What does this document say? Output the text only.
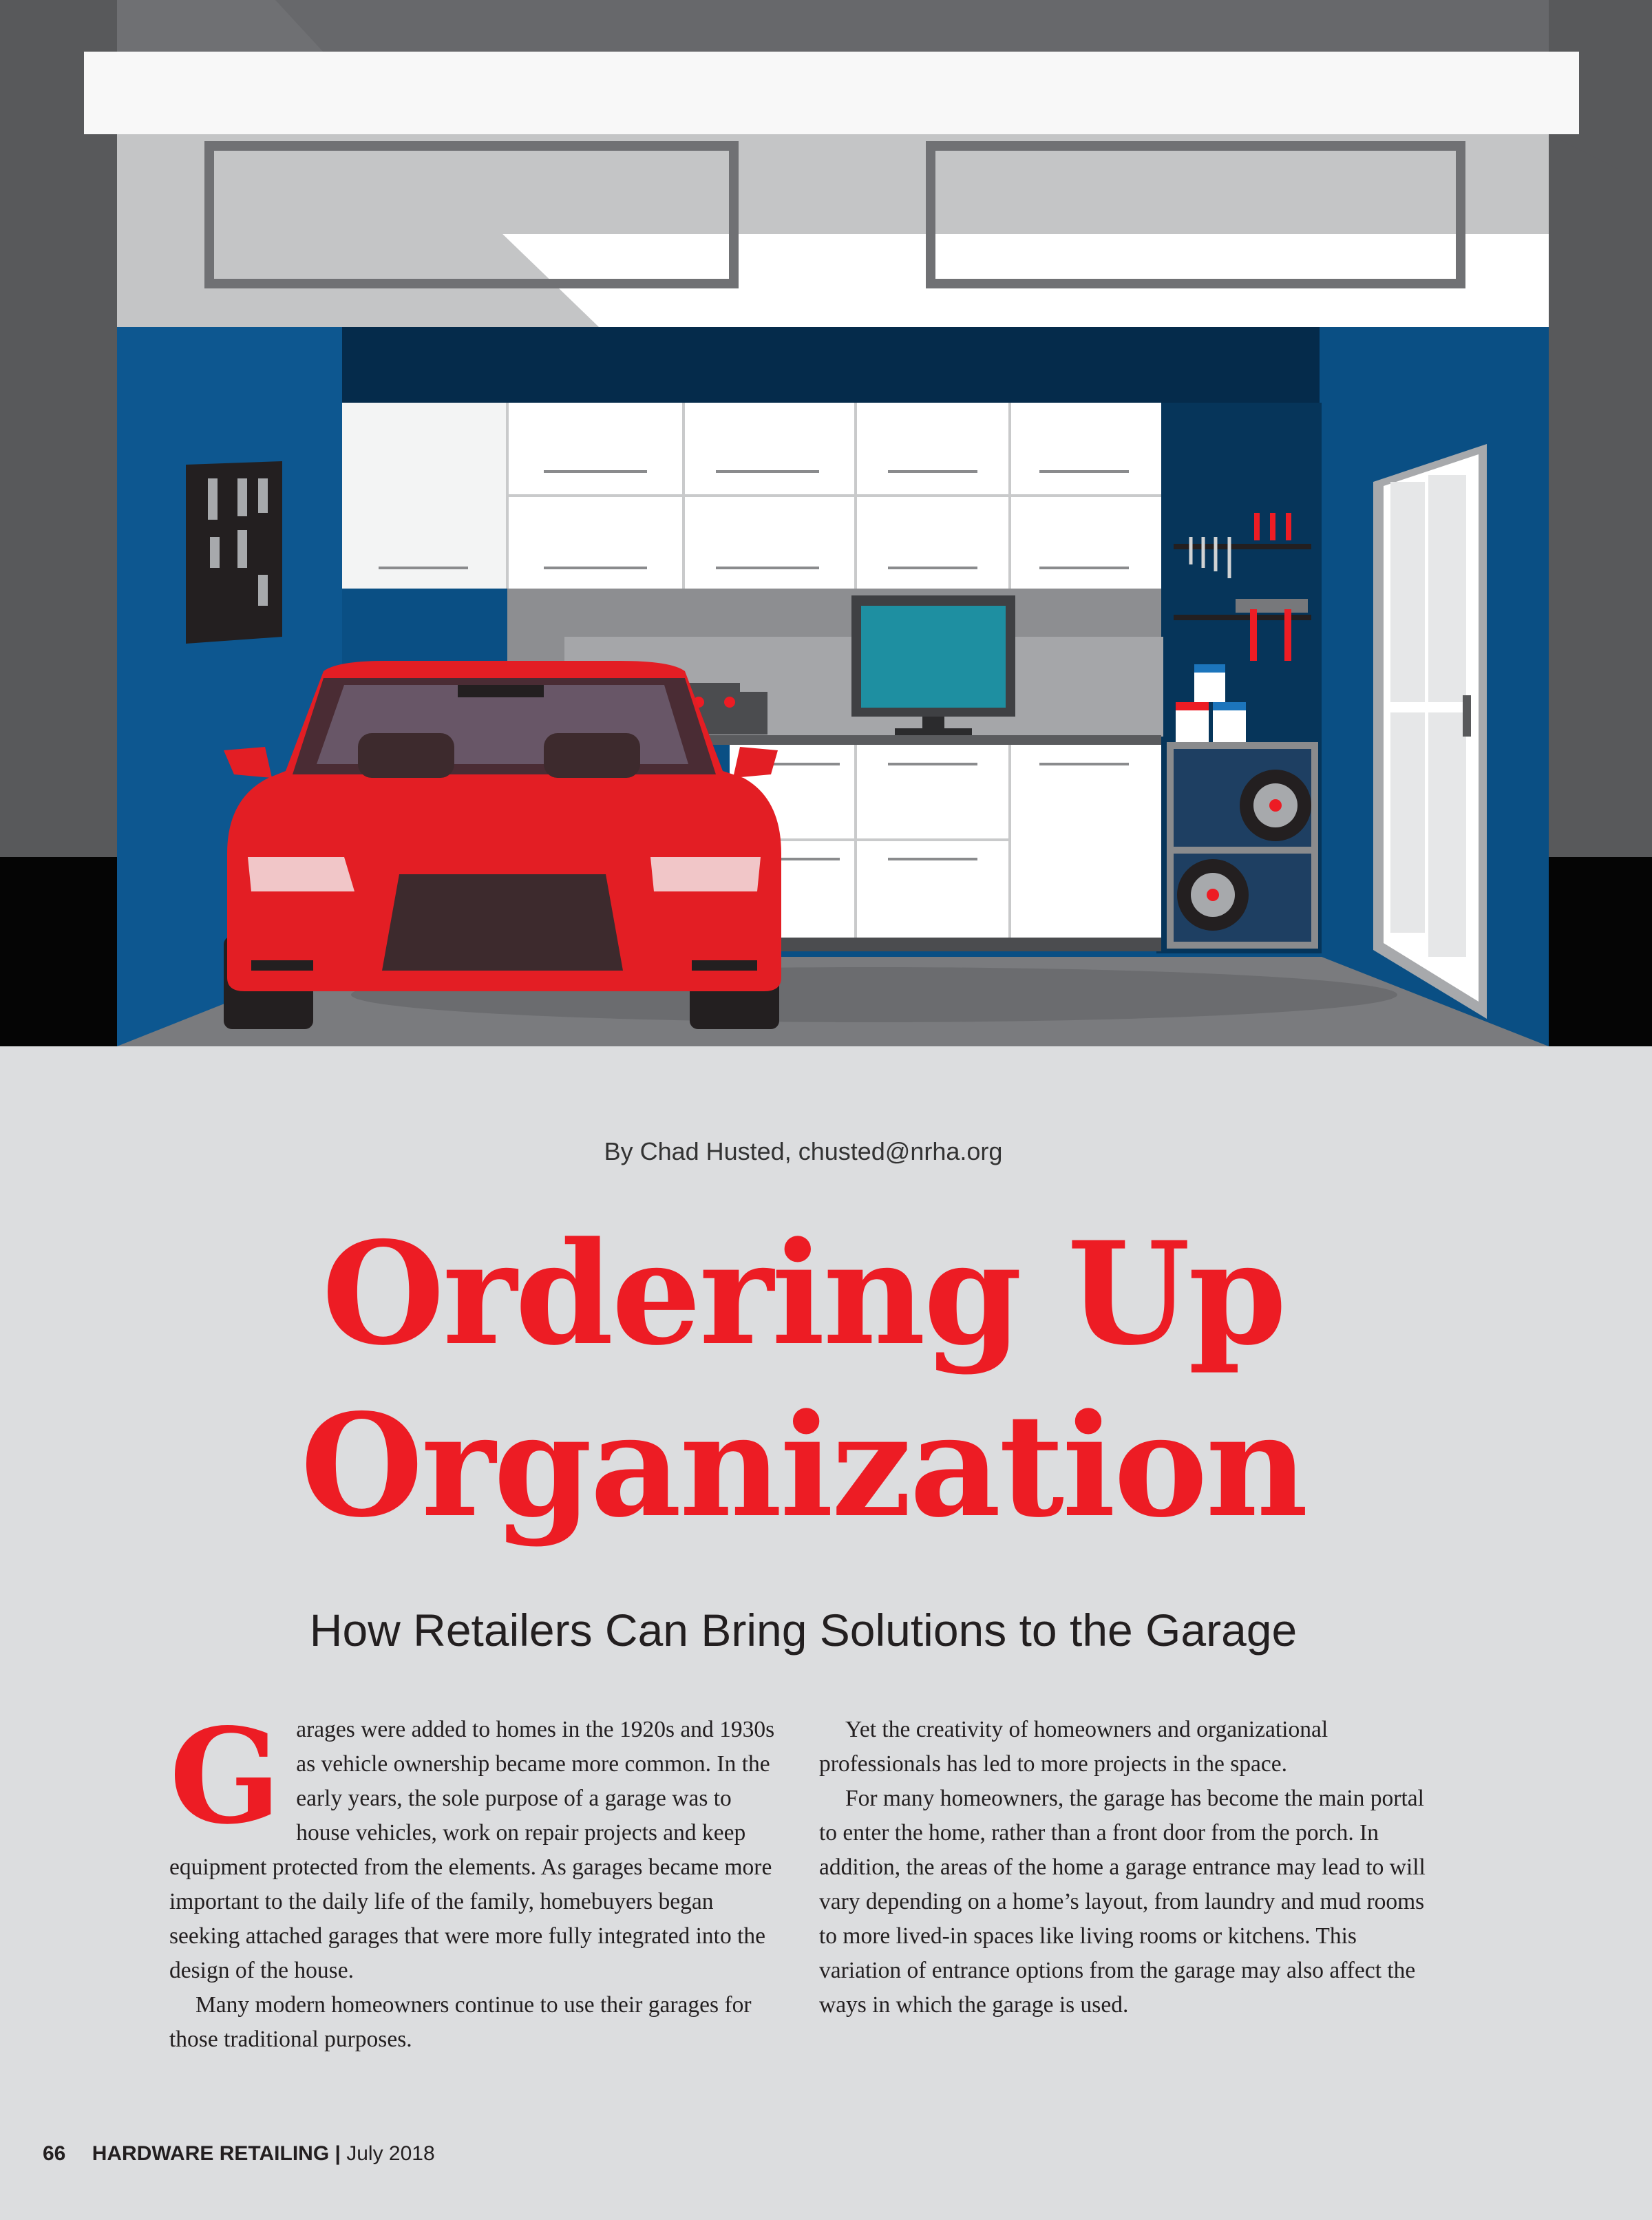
By Chad Husted, chusted@nrha.org
Ordering Up
Organization
How Retailers Can Bring Solutions to the Garage
G arages were added to homes in the 1920s and 1930s as vehicle ownership became more common. In the early years, the sole purpose of a garage was to house vehicles, work on repair projects and keep equipment protected from the elements. As garages became more important to the daily life of the family, homebuyers began seeking attached garages that were more fully integrated into the design of the house.

Many modern homeowners continue to use their garages for those traditional purposes.

Yet the creativity of homeowners and organizational professionals has led to more projects in the space.

For many homeowners, the garage has become the main portal to enter the home, rather than a front door from the porch. In addition, the areas of the home a garage entrance may lead to will vary depending on a home’s layout, from laundry and mud rooms to more lived-in spaces like living rooms or kitchens. This variation of entrance options from the garage may also affect the ways in which the garage is used.

66 HARDWARE RETAILING | July 2018
